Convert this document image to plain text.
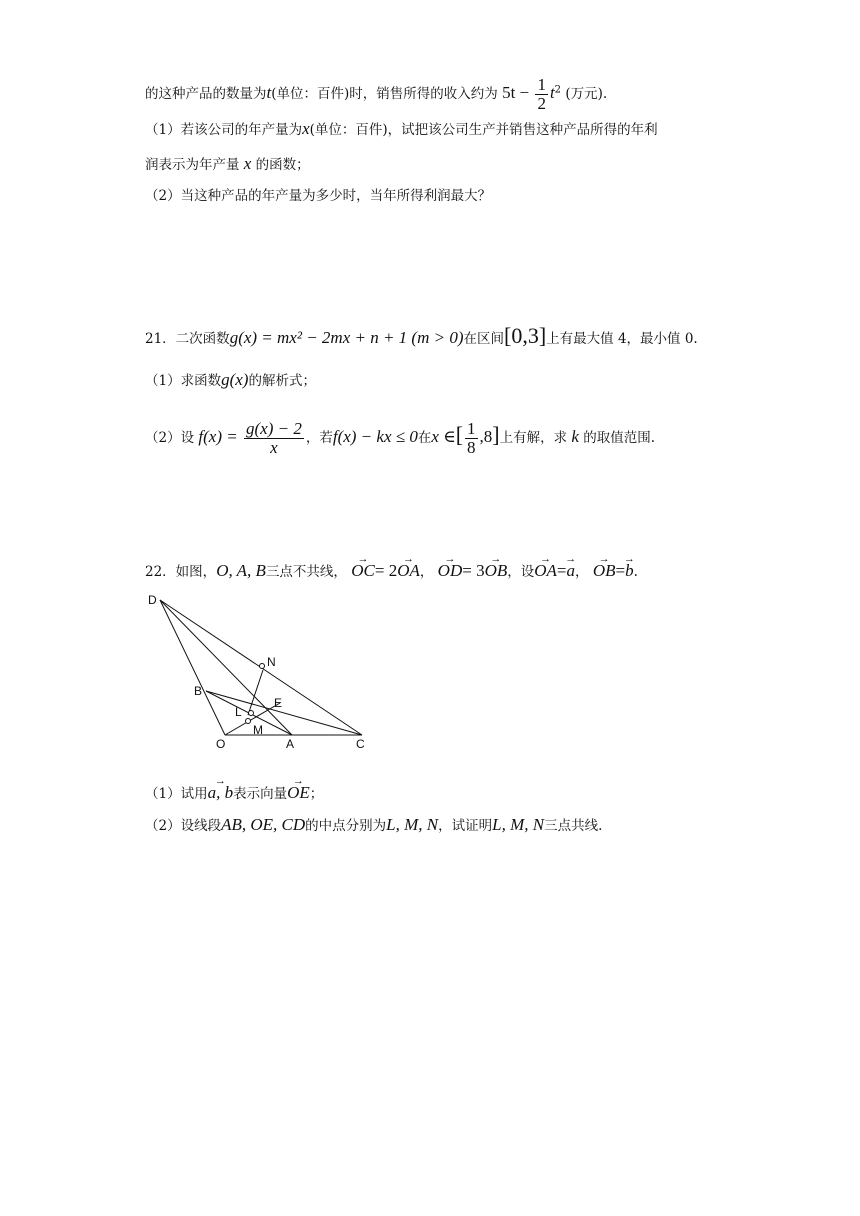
的这种产品的数量为t(单位：百件)时，销售所得的收入约为 $5t - \frac{1}{2} t^2$ (万元).
（1）若该公司的年产量为x(单位：百件)，试把该公司生产并销售这种产品所得的年利
润表示为年产量 x 的函数；
（2）当这种产品的年产量为多少时，当年所得利润最大？
21．二次函数g(x) = mx² − 2mx + n + 1 (m > 0)在区间[0,3]上有最大值 4，最小值 0.
（1）求函数g(x)的解析式；
（2）设 $f(x) = \frac{g(x) - 2}{x}$ ，若f(x) − kx ≤ 0在x ∈[ $\frac{1}{8} ,8$]上有解，求 k 的取值范围.
22．如图，O, A, B三点不共线， → OC= 2→ OA， → OD= 3→ OB，设→ OA=→ a， → OB=→ b.
D
N
B
E
L
M
O	A	C
（1）试用→ a, b表示向量→ OE；
（2）设线段AB, OE, CD的中点分别为L, M, N，试证明L, M, N三点共线.
